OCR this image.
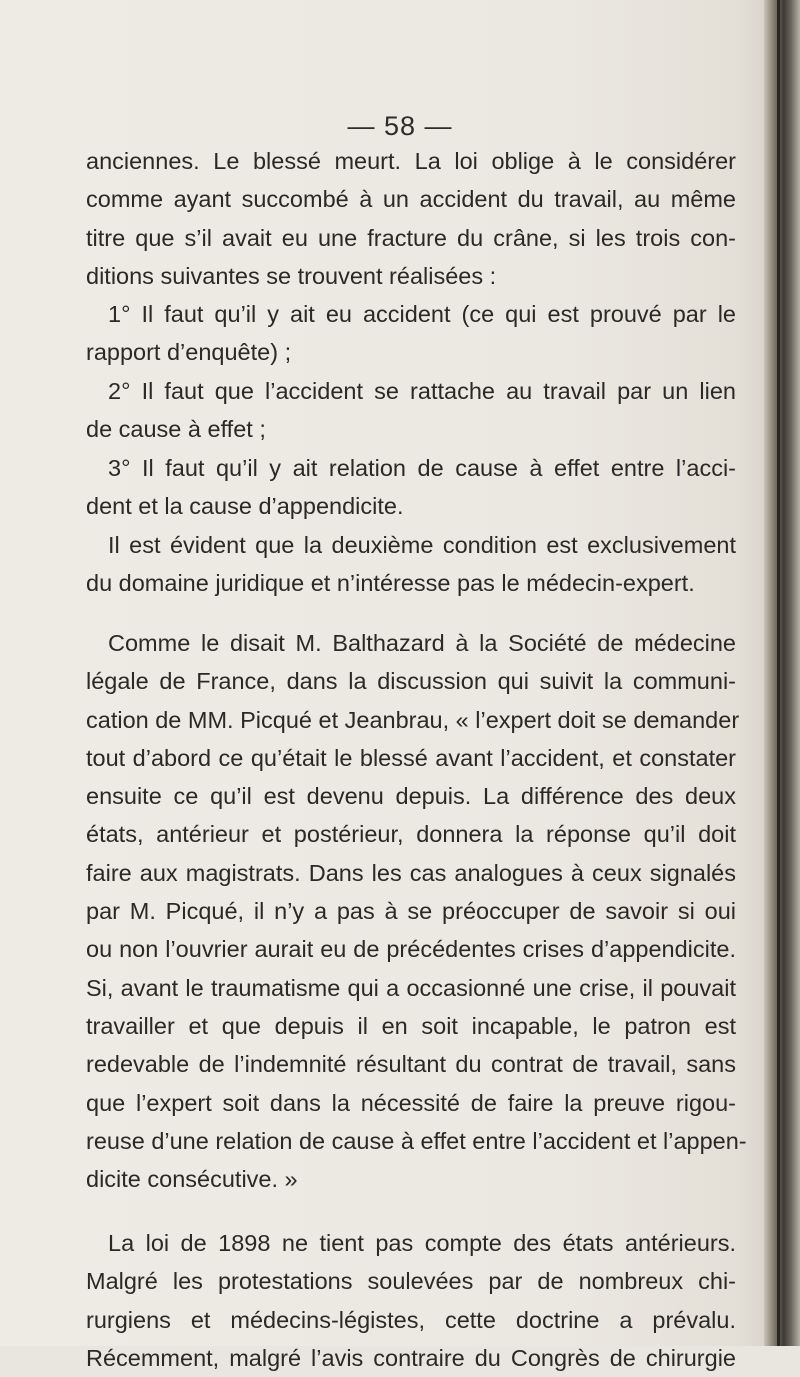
— 58 —
anciennes. Le blessé meurt. La loi oblige à le considérer
comme ayant succombé à un accident du travail, au même
titre que s’il avait eu une fracture du crâne, si les trois con-
ditions suivantes se trouvent réalisées :
1° Il faut qu’il y ait eu accident (ce qui est prouvé par le
rapport d’enquête) ;
2° Il faut que l’accident se rattache au travail par un lien
de cause à effet ;
3° Il faut qu’il y ait relation de cause à effet entre l’acci-
dent et la cause d’appendicite.
Il est évident que la deuxième condition est exclusivement
du domaine juridique et n’intéresse pas le médecin-expert.
Comme le disait M. Balthazard à la Société de médecine
légale de France, dans la discussion qui suivit la communi-
cation de MM. Picqué et Jeanbrau, « l’expert doit se demander
tout d’abord ce qu’était le blessé avant l’accident, et constater
ensuite ce qu’il est devenu depuis. La différence des deux
états, antérieur et postérieur, donnera la réponse qu’il doit
faire aux magistrats. Dans les cas analogues à ceux signalés
par M. Picqué, il n’y a pas à se préoccuper de savoir si oui
ou non l’ouvrier aurait eu de précédentes crises d’appendicite.
Si, avant le traumatisme qui a occasionné une crise, il pouvait
travailler et que depuis il en soit incapable, le patron est
redevable de l’indemnité résultant du contrat de travail, sans
que l’expert soit dans la nécessité de faire la preuve rigou-
reuse d’une relation de cause à effet entre l’accident et l’appen-
dicite consécutive. »
La loi de 1898 ne tient pas compte des états antérieurs.
Malgré les protestations soulevées par de nombreux chi-
rurgiens et médecins-légistes, cette doctrine a prévalu.
Récemment, malgré l’avis contraire du Congrès de chirurgie
